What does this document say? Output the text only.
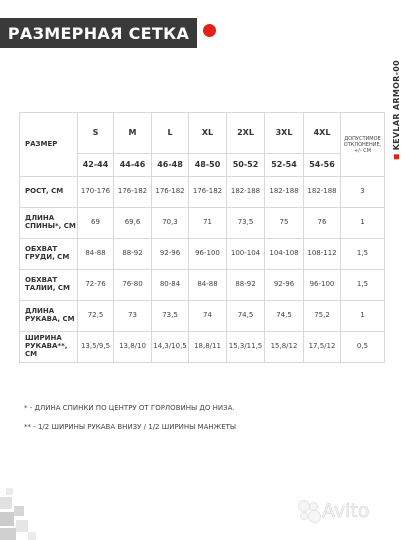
РАЗМЕРНАЯ СЕТКА
KEVLAR ARMOR-00
РАЗМЕР	S	M	L	XL	2XL	3XL	4XL	ДОПУСТИМОЕ ОТКЛОНЕНИЕ, +/- СМ
	42-44	44-46	46-48	48-50	50-52	52-54	54-56	
РОСТ, СМ	170-176	176-182	176-182	176-182	182-188	182-188	182-188	3
ДЛИНА СПИНЫ*, СМ	69	69,6	70,3	71	73,5	75	76	1
ОБХВАТ ГРУДИ, СМ	84-88	88-92	92-96	96-100	100-104	104-108	108-112	1,5
ОБХВАТ ТАЛИИ, СМ	72-76	76-80	80-84	84-88	88-92	92-96	96-100	1,5
ДЛИНА РУКАВА, СМ	72,5	73	73,5	74	74,5	74,5	75,2	1
ШИРИНА РУКАВА**, СМ	13,5/9,5	13,8/10	14,3/10,5	18,8/11	15,3/11,5	15,8/12	17,5/12	0,5
* - ДЛИНА СПИНКИ ПО ЦЕНТРУ ОТ ГОРЛОВИНЫ ДО НИЗА.
** - 1/2 ШИРИНЫ РУКАВА ВНИЗУ / 1/2 ШИРИНЫ МАНЖЕТЫ
Avito
